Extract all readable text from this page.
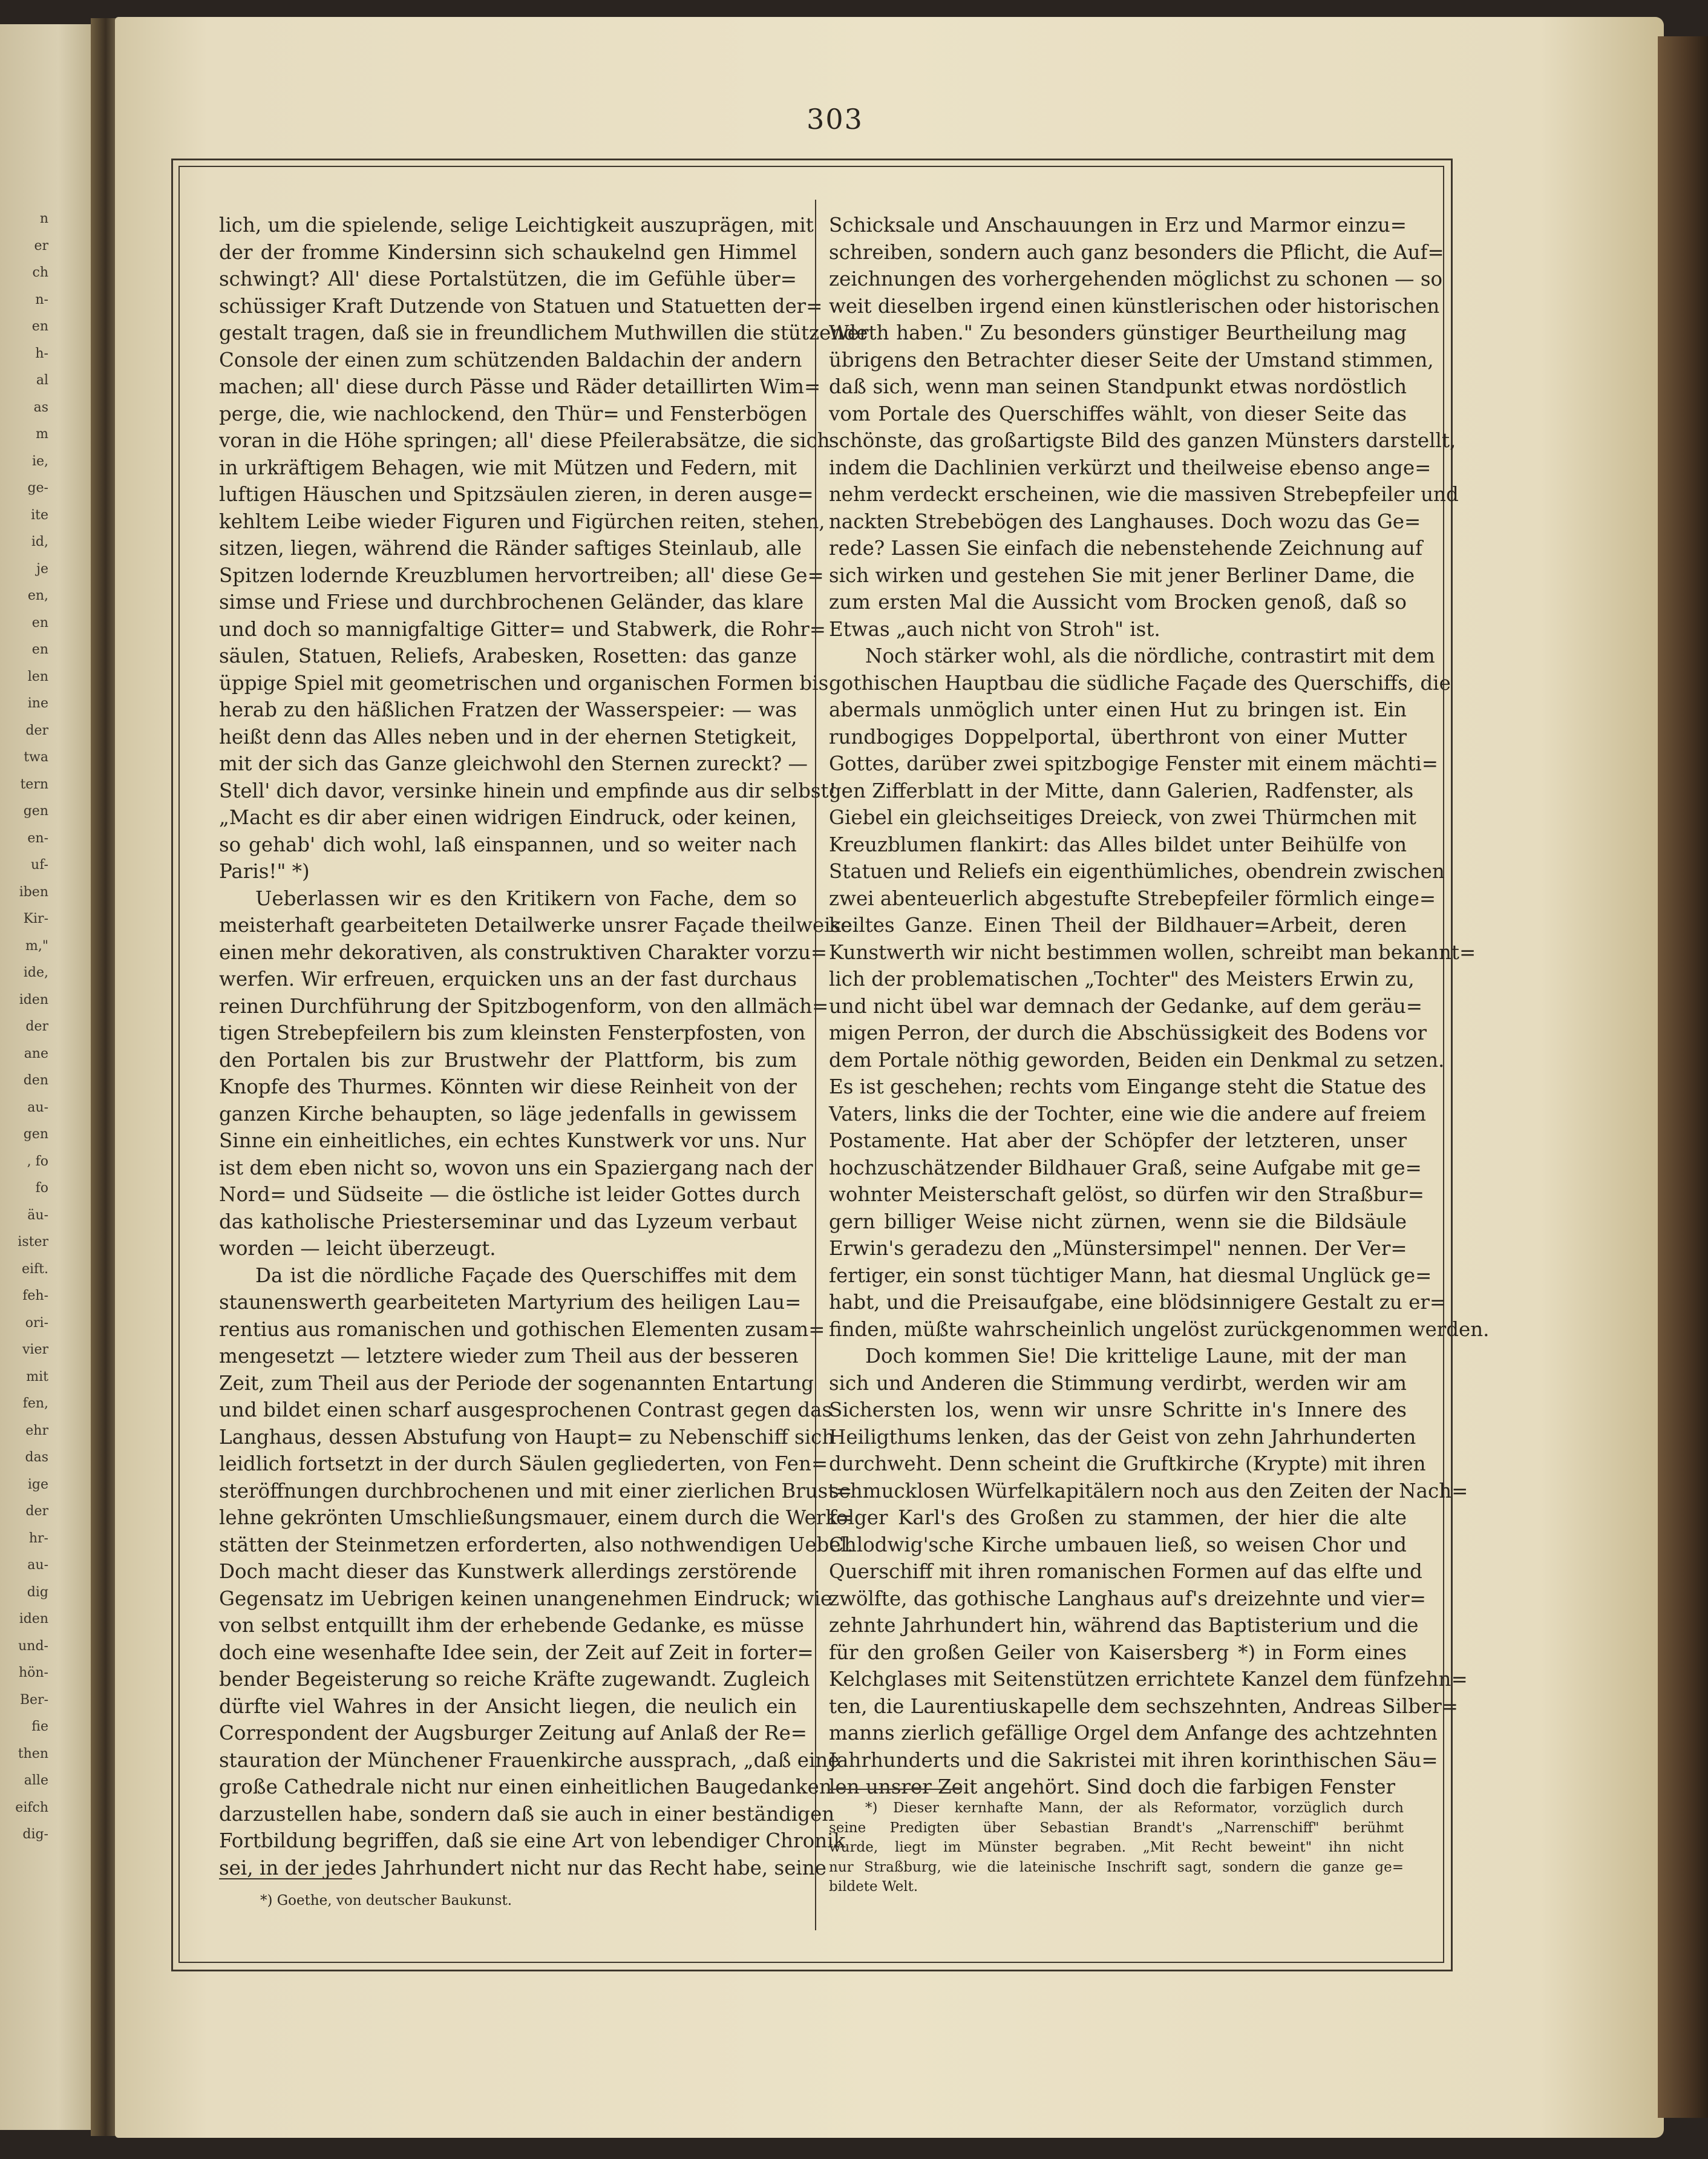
n
er
ch
n-
en
h-
al
as
m
ie,
ge-
ite
id,
je
en,
en
en
len
ine
der
twa
tern
gen
en-
uf-
iben
Kir-
m,"
ide,
iden
der
ane
den
au-
gen
, fo
fo
äu-
ister
eift.
feh-
ori-
vier
mit
fen,
ehr
das
ige
der
hr-
au-
dig
iden
und-
hön-
Ber-
fie
then
alle
eifch
dig-
303
lich, um die spielende, selige Leichtigkeit auszuprägen, mit
der der fromme Kindersinn sich schaukelnd gen Himmel
schwingt? All' diese Portalstützen, die im Gefühle über=
schüssiger Kraft Dutzende von Statuen und Statuetten der=
gestalt tragen, daß sie in freundlichem Muthwillen die stützende
Console der einen zum schützenden Baldachin der andern
machen; all' diese durch Pässe und Räder detaillirten Wim=
perge, die, wie nachlockend, den Thür= und Fensterbögen
voran in die Höhe springen; all' diese Pfeilerabsätze, die sich
in urkräftigem Behagen, wie mit Mützen und Federn, mit
luftigen Häuschen und Spitzsäulen zieren, in deren ausge=
kehltem Leibe wieder Figuren und Figürchen reiten, stehen,
sitzen, liegen, während die Ränder saftiges Steinlaub, alle
Spitzen lodernde Kreuzblumen hervortreiben; all' diese Ge=
simse und Friese und durchbrochenen Geländer, das klare
und doch so mannigfaltige Gitter= und Stabwerk, die Rohr=
säulen, Statuen, Reliefs, Arabesken, Rosetten: das ganze
üppige Spiel mit geometrischen und organischen Formen bis
herab zu den häßlichen Fratzen der Wasserspeier: — was
heißt denn das Alles neben und in der ehernen Stetigkeit,
mit der sich das Ganze gleichwohl den Sternen zureckt? —
Stell' dich davor, versinke hinein und empfinde aus dir selbst!
„Macht es dir aber einen widrigen Eindruck, oder keinen,
so gehab' dich wohl, laß einspannen, und so weiter nach
Paris!" *)
Ueberlassen wir es den Kritikern von Fache, dem so
meisterhaft gearbeiteten Detailwerke unsrer Façade theilweise
einen mehr dekorativen, als construktiven Charakter vorzu=
werfen. Wir erfreuen, erquicken uns an der fast durchaus
reinen Durchführung der Spitzbogenform, von den allmäch=
tigen Strebepfeilern bis zum kleinsten Fensterpfosten, von
den Portalen bis zur Brustwehr der Plattform, bis zum
Knopfe des Thurmes. Könnten wir diese Reinheit von der
ganzen Kirche behaupten, so läge jedenfalls in gewissem
Sinne ein einheitliches, ein echtes Kunstwerk vor uns. Nur
ist dem eben nicht so, wovon uns ein Spaziergang nach der
Nord= und Südseite — die östliche ist leider Gottes durch
das katholische Priesterseminar und das Lyzeum verbaut
worden — leicht überzeugt.
Da ist die nördliche Façade des Querschiffes mit dem
staunenswerth gearbeiteten Martyrium des heiligen Lau=
rentius aus romanischen und gothischen Elementen zusam=
mengesetzt — letztere wieder zum Theil aus der besseren
Zeit, zum Theil aus der Periode der sogenannten Entartung
und bildet einen scharf ausgesprochenen Contrast gegen das
Langhaus, dessen Abstufung von Haupt= zu Nebenschiff sich
leidlich fortsetzt in der durch Säulen gegliederten, von Fen=
steröffnungen durchbrochenen und mit einer zierlichen Brust=
lehne gekrönten Umschließungsmauer, einem durch die Werk=
stätten der Steinmetzen erforderten, also nothwendigen Uebel.
Doch macht dieser das Kunstwerk allerdings zerstörende
Gegensatz im Uebrigen keinen unangenehmen Eindruck; wie
von selbst entquillt ihm der erhebende Gedanke, es müsse
doch eine wesenhafte Idee sein, der Zeit auf Zeit in forter=
bender Begeisterung so reiche Kräfte zugewandt. Zugleich
dürfte viel Wahres in der Ansicht liegen, die neulich ein
Correspondent der Augsburger Zeitung auf Anlaß der Re=
stauration der Münchener Frauenkirche aussprach, „daß eine
große Cathedrale nicht nur einen einheitlichen Baugedanken
darzustellen habe, sondern daß sie auch in einer beständigen
Fortbildung begriffen, daß sie eine Art von lebendiger Chronik
sei, in der jedes Jahrhundert nicht nur das Recht habe, seine
Schicksale und Anschauungen in Erz und Marmor einzu=
schreiben, sondern auch ganz besonders die Pflicht, die Auf=
zeichnungen des vorhergehenden möglichst zu schonen — so
weit dieselben irgend einen künstlerischen oder historischen
Werth haben." Zu besonders günstiger Beurtheilung mag
übrigens den Betrachter dieser Seite der Umstand stimmen,
daß sich, wenn man seinen Standpunkt etwas nordöstlich
vom Portale des Querschiffes wählt, von dieser Seite das
schönste, das großartigste Bild des ganzen Münsters darstellt,
indem die Dachlinien verkürzt und theilweise ebenso ange=
nehm verdeckt erscheinen, wie die massiven Strebepfeiler und
nackten Strebebögen des Langhauses. Doch wozu das Ge=
rede? Lassen Sie einfach die nebenstehende Zeichnung auf
sich wirken und gestehen Sie mit jener Berliner Dame, die
zum ersten Mal die Aussicht vom Brocken genoß, daß so
Etwas „auch nicht von Stroh" ist.
Noch stärker wohl, als die nördliche, contrastirt mit dem
gothischen Hauptbau die südliche Façade des Querschiffs, die
abermals unmöglich unter einen Hut zu bringen ist. Ein
rundbogiges Doppelportal, überthront von einer Mutter
Gottes, darüber zwei spitzbogige Fenster mit einem mächti=
gen Zifferblatt in der Mitte, dann Galerien, Radfenster, als
Giebel ein gleichseitiges Dreieck, von zwei Thürmchen mit
Kreuzblumen flankirt: das Alles bildet unter Beihülfe von
Statuen und Reliefs ein eigenthümliches, obendrein zwischen
zwei abenteuerlich abgestufte Strebepfeiler förmlich einge=
keiltes Ganze. Einen Theil der Bildhauer=Arbeit, deren
Kunstwerth wir nicht bestimmen wollen, schreibt man bekannt=
lich der problematischen „Tochter" des Meisters Erwin zu,
und nicht übel war demnach der Gedanke, auf dem geräu=
migen Perron, der durch die Abschüssigkeit des Bodens vor
dem Portale nöthig geworden, Beiden ein Denkmal zu setzen.
Es ist geschehen; rechts vom Eingange steht die Statue des
Vaters, links die der Tochter, eine wie die andere auf freiem
Postamente. Hat aber der Schöpfer der letzteren, unser
hochzuschätzender Bildhauer Graß, seine Aufgabe mit ge=
wohnter Meisterschaft gelöst, so dürfen wir den Straßbur=
gern billiger Weise nicht zürnen, wenn sie die Bildsäule
Erwin's geradezu den „Münstersimpel" nennen. Der Ver=
fertiger, ein sonst tüchtiger Mann, hat diesmal Unglück ge=
habt, und die Preisaufgabe, eine blödsinnigere Gestalt zu er=
finden, müßte wahrscheinlich ungelöst zurückgenommen werden.
Doch kommen Sie! Die krittelige Laune, mit der man
sich und Anderen die Stimmung verdirbt, werden wir am
Sichersten los, wenn wir unsre Schritte in's Innere des
Heiligthums lenken, das der Geist von zehn Jahrhunderten
durchweht. Denn scheint die Gruftkirche (Krypte) mit ihren
schmucklosen Würfelkapitälern noch aus den Zeiten der Nach=
folger Karl's des Großen zu stammen, der hier die alte
Chlodwig'sche Kirche umbauen ließ, so weisen Chor und
Querschiff mit ihren romanischen Formen auf das elfte und
zwölfte, das gothische Langhaus auf's dreizehnte und vier=
zehnte Jahrhundert hin, während das Baptisterium und die
für den großen Geiler von Kaisersberg *) in Form eines
Kelchglases mit Seitenstützen errichtete Kanzel dem fünfzehn=
ten, die Laurentiuskapelle dem sechszehnten, Andreas Silber=
manns zierlich gefällige Orgel dem Anfange des achtzehnten
Jahrhunderts und die Sakristei mit ihren korinthischen Säu=
len unsrer Zeit angehört. Sind doch die farbigen Fenster
*) Goethe, von deutscher Baukunst.
*) Dieser kernhafte Mann, der als Reformator, vorzüglich durch
seine Predigten über Sebastian Brandt's „Narrenschiff" berühmt
wurde, liegt im Münster begraben. „Mit Recht beweint" ihn nicht
nur Straßburg, wie die lateinische Inschrift sagt, sondern die ganze ge=
bildete Welt.
